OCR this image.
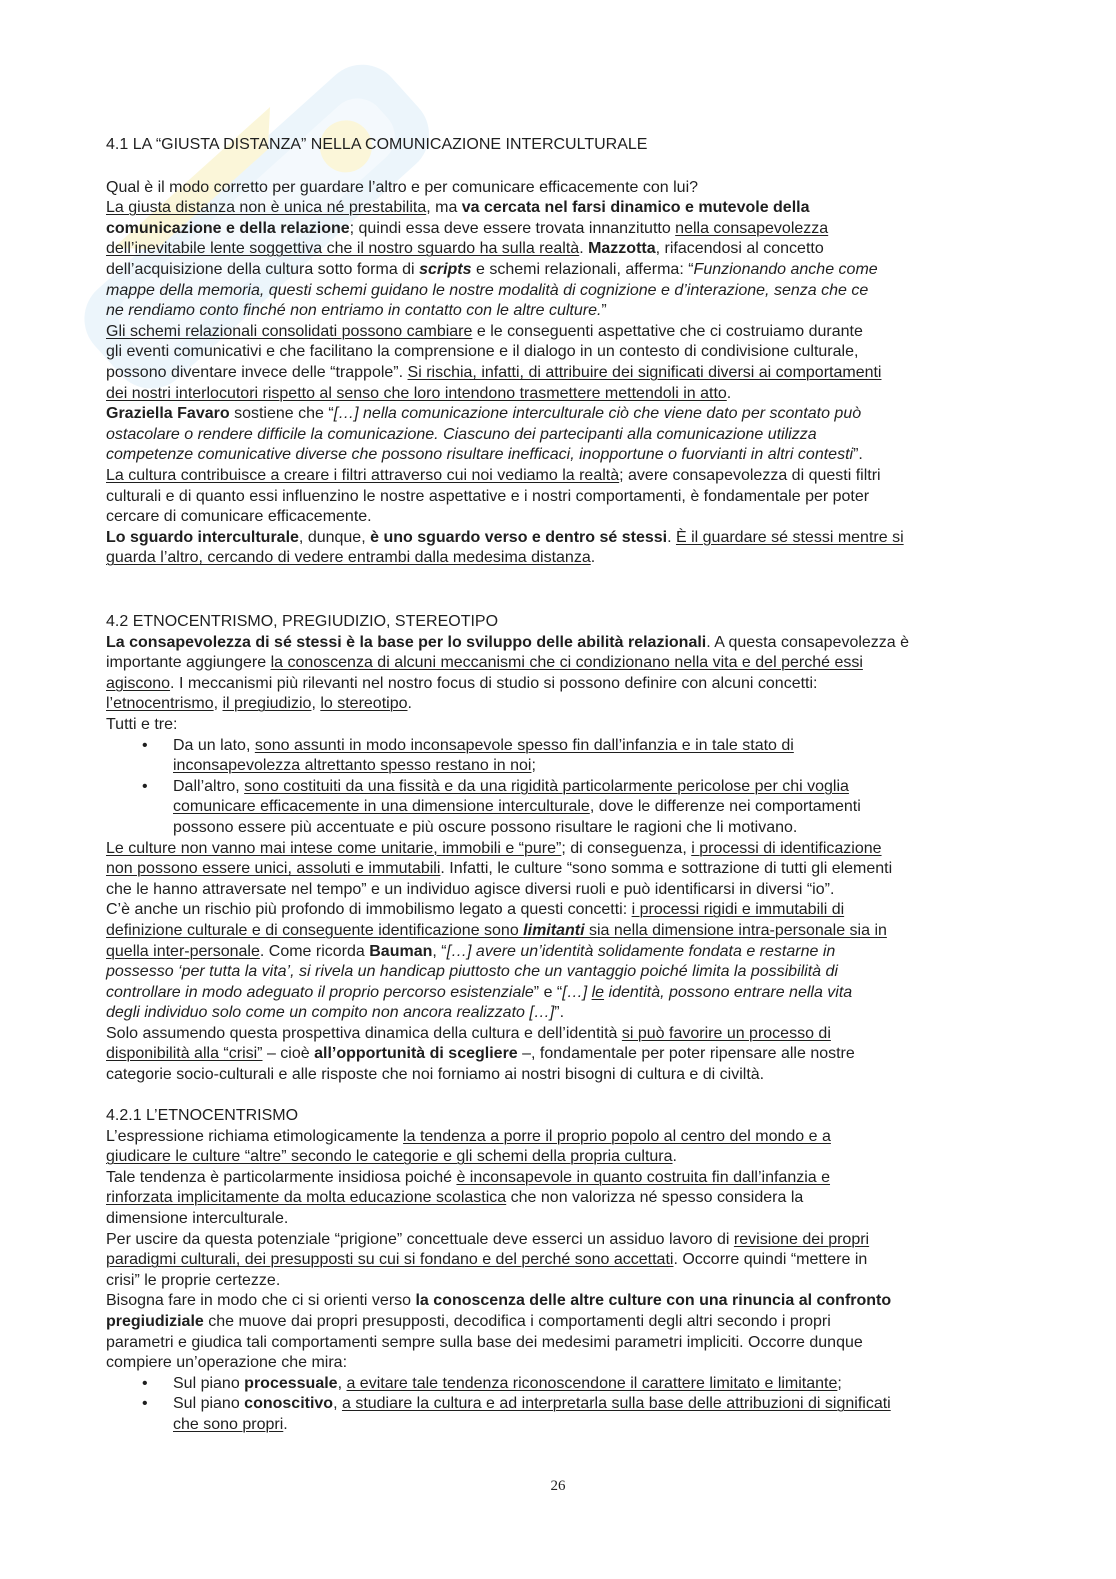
4.1 LA “GIUSTA DISTANZA” NELLA COMUNICAZIONE INTERCULTURALE
Qual è il modo corretto per guardare l’altro e per comunicare efficacemente con lui?
La giusta distanza non è unica né prestabilita, ma va cercata nel farsi dinamico e mutevole della
comunicazione e della relazione; quindi essa deve essere trovata innanzitutto nella consapevolezza
dell’inevitabile lente soggettiva che il nostro sguardo ha sulla realtà. Mazzotta, rifacendosi al concetto
dell’acquisizione della cultura sotto forma di scripts e schemi relazionali, afferma: “Funzionando anche come
mappe della memoria, questi schemi guidano le nostre modalità di cognizione e d’interazione, senza che ce
ne rendiamo conto finché non entriamo in contatto con le altre culture.”
Gli schemi relazionali consolidati possono cambiare e le conseguenti aspettative che ci costruiamo durante
gli eventi comunicativi e che facilitano la comprensione e il dialogo in un contesto di condivisione culturale,
possono diventare invece delle “trappole”. Si rischia, infatti, di attribuire dei significati diversi ai comportamenti
dei nostri interlocutori rispetto al senso che loro intendono trasmettere mettendoli in atto.
Graziella Favaro sostiene che “[…] nella comunicazione interculturale ciò che viene dato per scontato può
ostacolare o rendere difficile la comunicazione. Ciascuno dei partecipanti alla comunicazione utilizza
competenze comunicative diverse che possono risultare inefficaci, inopportune o fuorvianti in altri contesti”.
La cultura contribuisce a creare i filtri attraverso cui noi vediamo la realtà; avere consapevolezza di questi filtri
culturali e di quanto essi influenzino le nostre aspettative e i nostri comportamenti, è fondamentale per poter
cercare di comunicare efficacemente.
Lo sguardo interculturale, dunque, è uno sguardo verso e dentro sé stessi. È il guardare sé stessi mentre si
guarda l’altro, cercando di vedere entrambi dalla medesima distanza.
4.2 ETNOCENTRISMO, PREGIUDIZIO, STEREOTIPO
La consapevolezza di sé stessi è la base per lo sviluppo delle abilità relazionali. A questa consapevolezza è
importante aggiungere la conoscenza di alcuni meccanismi che ci condizionano nella vita e del perché essi
agiscono. I meccanismi più rilevanti nel nostro focus di studio si possono definire con alcuni concetti:
l’etnocentrismo, il pregiudizio, lo stereotipo.
Tutti e tre:
•
Da un lato, sono assunti in modo inconsapevole spesso fin dall’infanzia e in tale stato di
inconsapevolezza altrettanto spesso restano in noi;
•
Dall’altro, sono costituiti da una fissità e da una rigidità particolarmente pericolose per chi voglia
comunicare efficacemente in una dimensione interculturale, dove le differenze nei comportamenti
possono essere più accentuate e più oscure possono risultare le ragioni che li motivano.
Le culture non vanno mai intese come unitarie, immobili e “pure”; di conseguenza, i processi di identificazione
non possono essere unici, assoluti e immutabili. Infatti, le culture “sono somma e sottrazione di tutti gli elementi
che le hanno attraversate nel tempo” e un individuo agisce diversi ruoli e può identificarsi in diversi “io”.
C’è anche un rischio più profondo di immobilismo legato a questi concetti: i processi rigidi e immutabili di
definizione culturale e di conseguente identificazione sono limitanti sia nella dimensione intra-personale sia in
quella inter-personale. Come ricorda Bauman, “[…] avere un’identità solidamente fondata e restarne in
possesso ‘per tutta la vita’, si rivela un handicap piuttosto che un vantaggio poiché limita la possibilità di
controllare in modo adeguato il proprio percorso esistenziale” e “[…] le identità, possono entrare nella vita
degli individuo solo come un compito non ancora realizzato […]”.
Solo assumendo questa prospettiva dinamica della cultura e dell’identità si può favorire un processo di
disponibilità alla “crisi” – cioè all’opportunità di scegliere –, fondamentale per poter ripensare alle nostre
categorie socio-culturali e alle risposte che noi forniamo ai nostri bisogni di cultura e di civiltà.
4.2.1 L’ETNOCENTRISMO
L’espressione richiama etimologicamente la tendenza a porre il proprio popolo al centro del mondo e a
giudicare le culture “altre” secondo le categorie e gli schemi della propria cultura.
Tale tendenza è particolarmente insidiosa poiché è inconsapevole in quanto costruita fin dall’infanzia e
rinforzata implicitamente da molta educazione scolastica che non valorizza né spesso considera la
dimensione interculturale.
Per uscire da questa potenziale “prigione” concettuale deve esserci un assiduo lavoro di revisione dei propri
paradigmi culturali, dei presupposti su cui si fondano e del perché sono accettati. Occorre quindi “mettere in
crisi” le proprie certezze.
Bisogna fare in modo che ci si orienti verso la conoscenza delle altre culture con una rinuncia al confronto
pregiudiziale che muove dai propri presupposti, decodifica i comportamenti degli altri secondo i propri
parametri e giudica tali comportamenti sempre sulla base dei medesimi parametri impliciti. Occorre dunque
compiere un’operazione che mira:
•
Sul piano processuale, a evitare tale tendenza riconoscendone il carattere limitato e limitante;
•
Sul piano conoscitivo, a studiare la cultura e ad interpretarla sulla base delle attribuzioni di significati
che sono propri.
26
